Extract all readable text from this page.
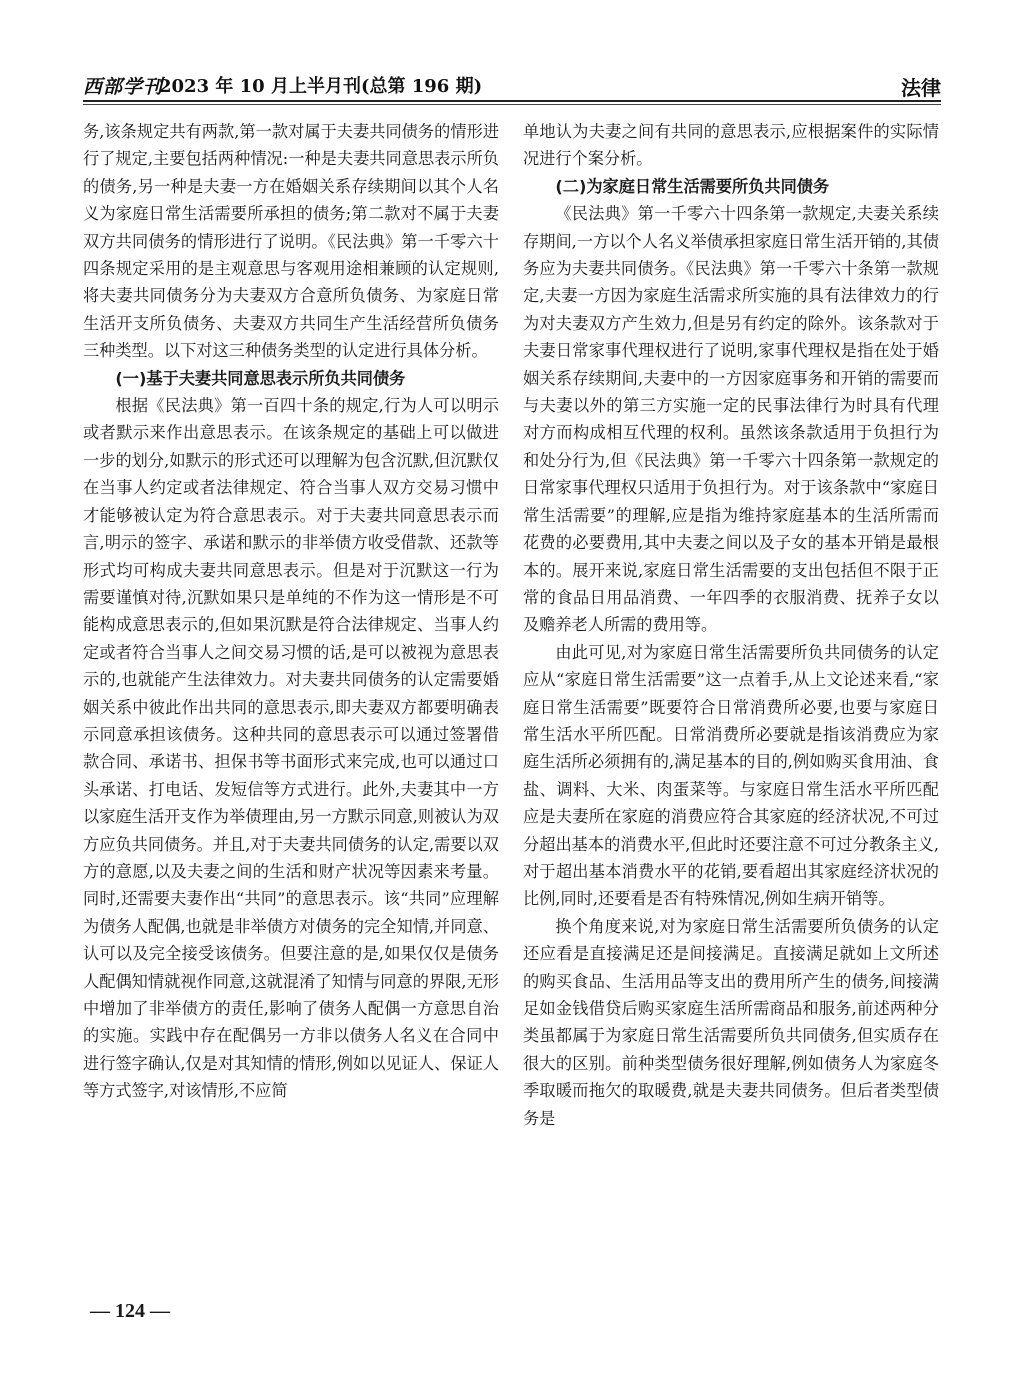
西部学刊
2023 年 10 月上半月刊(总第 196 期)	法律

务,该条规定共有两款,第一款对属于夫妻共同债务的情形进行了规定,主要包括两种情况:一种是夫妻共同意思表示所负的债务,另一种是夫妻一方在婚姻关系存续期间以其个人名义为家庭日常生活需要所承担的债务;第二款对不属于夫妻双方共同债务的情形进行了说明。《民法典》第一千零六十四条规定采用的是主观意思与客观用途相兼顾的认定规则,将夫妻共同债务分为夫妻双方合意所负债务、为家庭日常生活开支所负债务、夫妻双方共同生产生活经营所负债务三种类型。以下对这三种债务类型的认定进行具体分析。

(一)基于夫妻共同意思表示所负共同债务

根据《民法典》第一百四十条的规定,行为人可以明示或者默示来作出意思表示。在该条规定的基础上可以做进一步的划分,如默示的形式还可以理解为包含沉默,但沉默仅在当事人约定或者法律规定、符合当事人双方交易习惯中才能够被认定为符合意思表示。对于夫妻共同意思表示而言,明示的签字、承诺和默示的非举债方收受借款、还款等形式均可构成夫妻共同意思表示。但是对于沉默这一行为需要谨慎对待,沉默如果只是单纯的不作为这一情形是不可能构成意思表示的,但如果沉默是符合法律规定、当事人约定或者符合当事人之间交易习惯的话,是可以被视为意思表示的,也就能产生法律效力。对夫妻共同债务的认定需要婚姻关系中彼此作出共同的意思表示,即夫妻双方都要明确表示同意承担该债务。这种共同的意思表示可以通过签署借款合同、承诺书、担保书等书面形式来完成,也可以通过口头承诺、打电话、发短信等方式进行。此外,夫妻其中一方以家庭生活开支作为举债理由,另一方默示同意,则被认为双方应负共同债务。并且,对于夫妻共同债务的认定,需要以双方的意愿,以及夫妻之间的生活和财产状况等因素来考量。同时,还需要夫妻作出“共同”的意思表示。该“共同”应理解为债务人配偶,也就是非举债方对债务的完全知情,并同意、认可以及完全接受该债务。但要注意的是,如果仅仅是债务人配偶知情就视作同意,这就混淆了知情与同意的界限,无形中增加了非举债方的责任,影响了债务人配偶一方意思自治的实施。实践中存在配偶另一方非以债务人名义在合同中进行签字确认,仅是对其知情的情形,例如以见证人、保证人等方式签字,对该情形,不应简

单地认为夫妻之间有共同的意思表示,应根据案件的实际情况进行个案分析。

(二)为家庭日常生活需要所负共同债务

《民法典》第一千零六十四条第一款规定,夫妻关系续存期间,一方以个人名义举债承担家庭日常生活开销的,其债务应为夫妻共同债务。《民法典》第一千零六十条第一款规定,夫妻一方因为家庭生活需求所实施的具有法律效力的行为对夫妻双方产生效力,但是另有约定的除外。该条款对于夫妻日常家事代理权进行了说明,家事代理权是指在处于婚姻关系存续期间,夫妻中的一方因家庭事务和开销的需要而与夫妻以外的第三方实施一定的民事法律行为时具有代理对方而构成相互代理的权利。虽然该条款适用于负担行为和处分行为,但《民法典》第一千零六十四条第一款规定的日常家事代理权只适用于负担行为。对于该条款中“家庭日常生活需要”的理解,应是指为维持家庭基本的生活所需而花费的必要费用,其中夫妻之间以及子女的基本开销是最根本的。展开来说,家庭日常生活需要的支出包括但不限于正常的食品日用品消费、一年四季的衣服消费、抚养子女以及赡养老人所需的费用等。

由此可见,对为家庭日常生活需要所负共同债务的认定应从“家庭日常生活需要”这一点着手,从上文论述来看,“家庭日常生活需要”既要符合日常消费所必要,也要与家庭日常生活水平所匹配。日常消费所必要就是指该消费应为家庭生活所必须拥有的,满足基本的目的,例如购买食用油、食盐、调料、大米、肉蛋菜等。与家庭日常生活水平所匹配应是夫妻所在家庭的消费应符合其家庭的经济状况,不可过分超出基本的消费水平,但此时还要注意不可过分教条主义,对于超出基本消费水平的花销,要看超出其家庭经济状况的比例,同时,还要看是否有特殊情况,例如生病开销等。

换个角度来说,对为家庭日常生活需要所负债务的认定还应看是直接满足还是间接满足。直接满足就如上文所述的购买食品、生活用品等支出的费用所产生的债务,间接满足如金钱借贷后购买家庭生活所需商品和服务,前述两种分类虽都属于为家庭日常生活需要所负共同债务,但实质存在很大的区别。前种类型债务很好理解,例如债务人为家庭冬季取暖而拖欠的取暖费,就是夫妻共同债务。但后者类型债务是

— 124 —
